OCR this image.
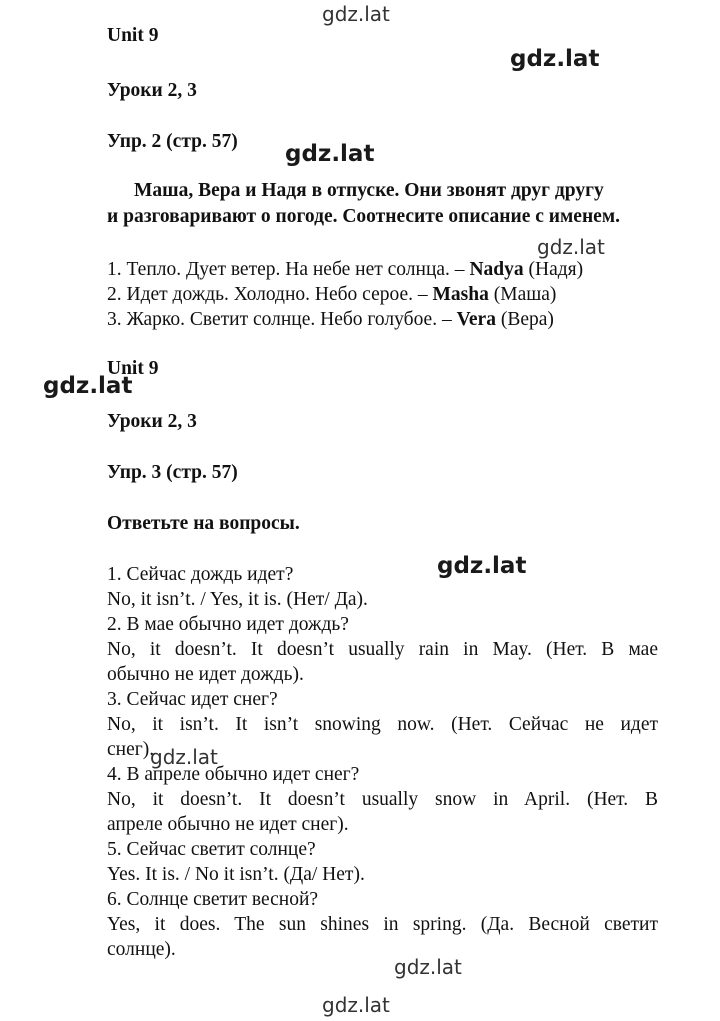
Unit 9
Уроки 2, 3
Упр. 2 (стр. 57)
Маша, Вера и Надя в отпуске. Они звонят друг другу
и разговаривают о погоде. Соотнесите описание с именем.
1. Тепло. Дует ветер. На небе нет солнца. – Nadya (Надя)
2. Идет дождь. Холодно. Небо серое. – Masha (Маша)
3. Жарко. Светит солнце. Небо голубое. – Vera (Вера)
Unit 9
Уроки 2, 3
Упр. 3 (стр. 57)
Ответьте на вопросы.
1. Сейчас дождь идет?
No, it isn’t. / Yes, it is. (Нет/ Да).
2. В мае обычно идет дождь?
No, it doesn’t. It doesn’t usually rain in May. (Нет. В мае
обычно не идет дождь).
3. Сейчас идет снег?
No, it isn’t. It isn’t snowing now. (Нет. Сейчас не идет
снег).
4. В апреле обычно идет снег?
No, it doesn’t. It doesn’t usually snow in April. (Нет. В
апреле обычно не идет снег).
5. Сейчас светит солнце?
Yes. It is. / No it isn’t. (Да/ Нет).
6. Солнце светит весной?
Yes, it does. The sun shines in spring. (Да. Весной светит
солнце).
gdz.lat
gdz.lat
gdz.lat
gdz.lat
gdz.lat
gdz.lat
gdz.lat
gdz.lat
gdz.lat
